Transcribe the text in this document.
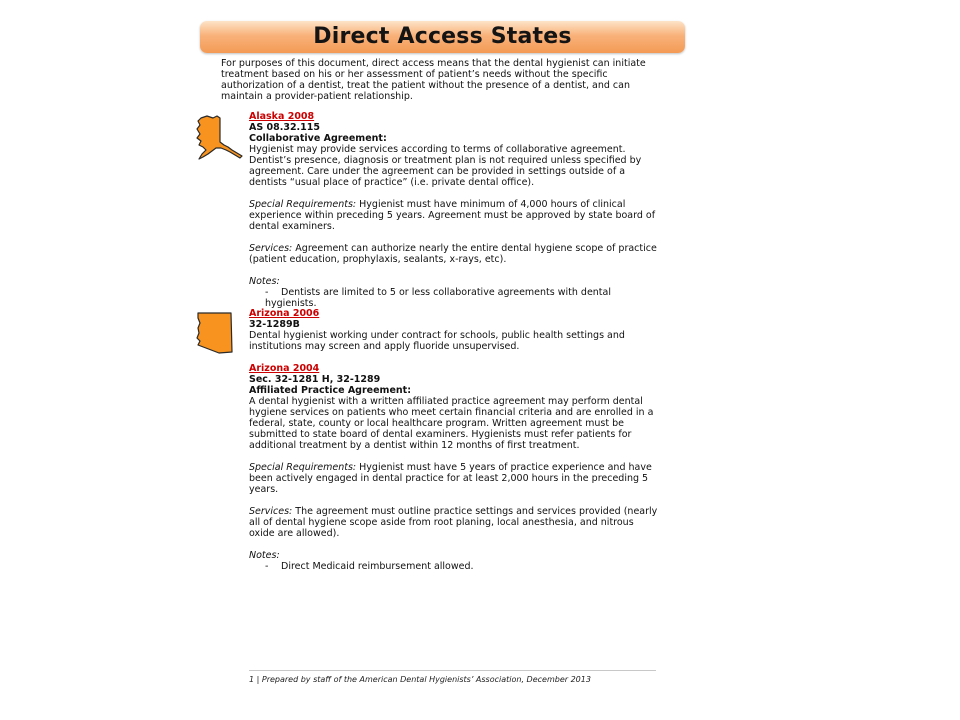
Direct Access States

For purposes of this document, direct access means that the dental hygienist can initiate treatment based on his or her assessment of patient’s needs without the specific authorization of a dentist, treat the patient without the presence of a dentist, and can maintain a provider-patient relationship.

Alaska 2008

AS 08.32.115

Collaborative Agreement:

Hygienist may provide services according to terms of collaborative agreement. Dentist’s presence, diagnosis or treatment plan is not required unless specified by agreement. Care under the agreement can be provided in settings outside of a dentists “usual place of practice” (i.e. private dental office).

Special Requirements: Hygienist must have minimum of 4,000 hours of clinical experience within preceding 5 years. Agreement must be approved by state board of dental examiners.

Services: Agreement can authorize nearly the entire dental hygiene scope of practice (patient education, prophylaxis, sealants, x-rays, etc).

Notes:

- Dentists are limited to 5 or less collaborative agreements with dental hygienists.

Arizona 2006

32-1289B

Dental hygienist working under contract for schools, public health settings and institutions may screen and apply fluoride unsupervised.

Arizona 2004

Sec. 32-1281 H, 32-1289

Affiliated Practice Agreement:

A dental hygienist with a written affiliated practice agreement may perform dental hygiene services on patients who meet certain financial criteria and are enrolled in a federal, state, county or local healthcare program. Written agreement must be submitted to state board of dental examiners. Hygienists must refer patients for additional treatment by a dentist within 12 months of first treatment.

Special Requirements: Hygienist must have 5 years of practice experience and have been actively engaged in dental practice for at least 2,000 hours in the preceding 5 years.

Services: The agreement must outline practice settings and services provided (nearly all of dental hygiene scope aside from root planing, local anesthesia, and nitrous oxide are allowed).

Notes:

- Direct Medicaid reimbursement allowed.

1 | Prepared by staff of the American Dental Hygienists’ Association, December 2013
